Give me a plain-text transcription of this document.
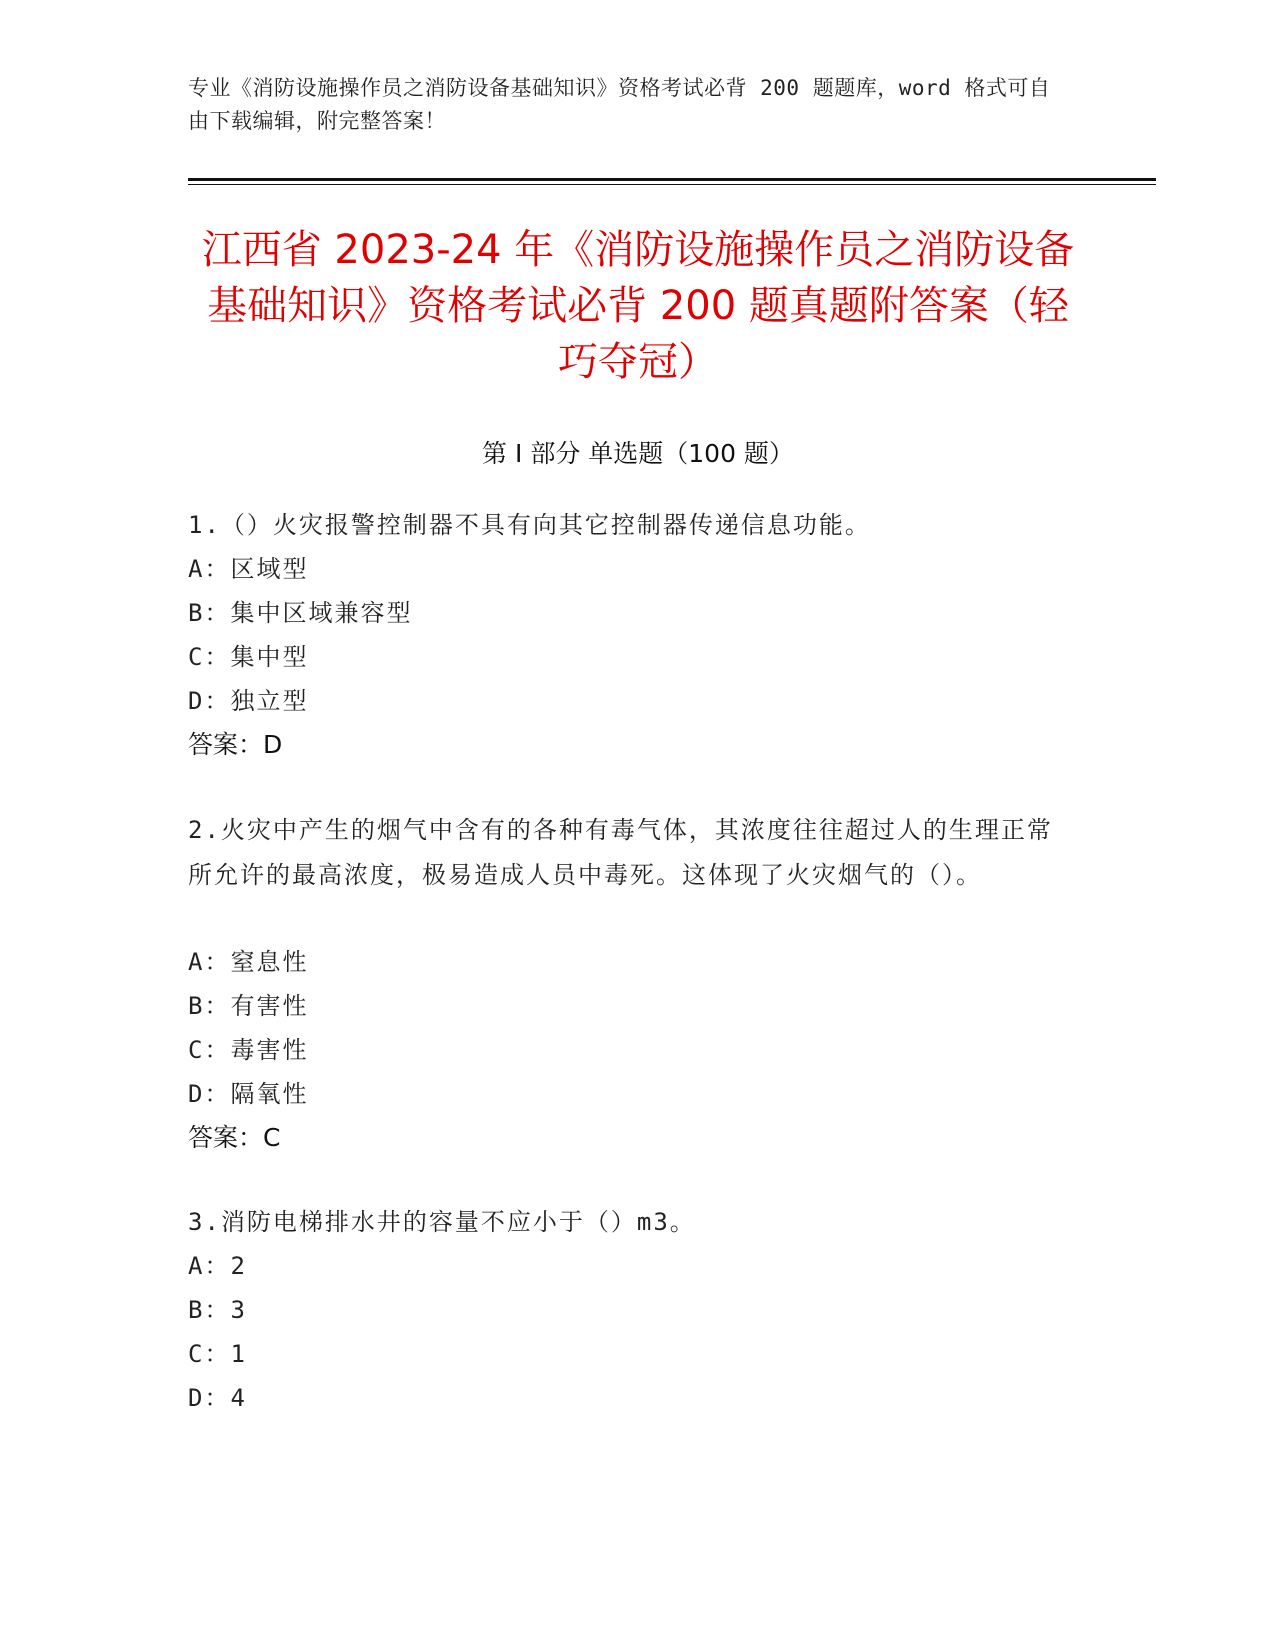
专业《消防设施操作员之消防设备基础知识》资格考试必背 200 题题库，word 格式可自由下载编辑，附完整答案！
江西省 2023-24 年《消防设施操作员之消防设备基础知识》资格考试必背 200 题真题附答案（轻巧夺冠）
第 I 部分 单选题（100 题）
1.（）火灾报警控制器不具有向其它控制器传递信息功能。
A：区域型
B：集中区域兼容型
C：集中型
D：独立型
答案：D
2.火灾中产生的烟气中含有的各种有毒气体，其浓度往往超过人的生理正常所允许的最高浓度，极易造成人员中毒死。这体现了火灾烟气的（）。
A：窒息性
B：有害性
C：毒害性
D：隔氧性
答案：C
3.消防电梯排水井的容量不应小于（）m3。
A：2
B：3
C：1
D：4
